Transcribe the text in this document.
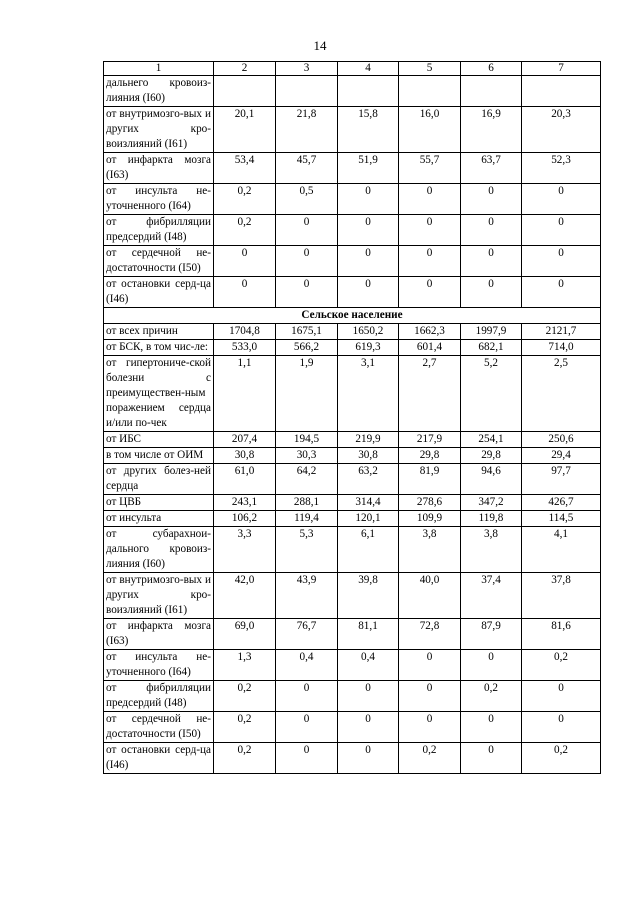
14
1	2	3	4	5	6	7
дальнего кровоиз-лияния (I60)						
от внутримозго-вых и других кро-воизлияний (I61)	20,1	21,8	15,8	16,0	16,9	20,3
от инфаркта мозга (I63)	53,4	45,7	51,9	55,7	63,7	52,3
от инсульта не-уточненного (I64)	0,2	0,5	0	0	0	0
от фибрилляции предсердий (I48)	0,2	0	0	0	0	0
от сердечной не-достаточности (I50)	0	0	0	0	0	0
от остановки серд-ца (I46)	0	0	0	0	0	0
Сельское население						
от всех причин	1704,8	1675,1	1650,2	1662,3	1997,9	2121,7
от БСК, в том чис-ле:	533,0	566,2	619,3	601,4	682,1	714,0
от гипертониче-ской болезни с преимуществен-ным поражением сердца и/или по-чек	1,1	1,9	3,1	2,7	5,2	2,5
от ИБС	207,4	194,5	219,9	217,9	254,1	250,6
в том числе от ОИМ	30,8	30,3	30,8	29,8	29,8	29,4
от других болез-ней сердца	61,0	64,2	63,2	81,9	94,6	97,7
от ЦВБ	243,1	288,1	314,4	278,6	347,2	426,7
от инсульта	106,2	119,4	120,1	109,9	119,8	114,5
от субарахнои-дального кровоиз-лияния (I60)	3,3	5,3	6,1	3,8	3,8	4,1
от внутримозго-вых и других кро-воизлияний (I61)	42,0	43,9	39,8	40,0	37,4	37,8
от инфаркта мозга (I63)	69,0	76,7	81,1	72,8	87,9	81,6
от инсульта не-уточненного (I64)	1,3	0,4	0,4	0	0	0,2
от фибрилляции предсердий (I48)	0,2	0	0	0	0,2	0
от сердечной не-достаточности (I50)	0,2	0	0	0	0	0
от остановки серд-ца (I46)	0,2	0	0	0,2	0	0,2
